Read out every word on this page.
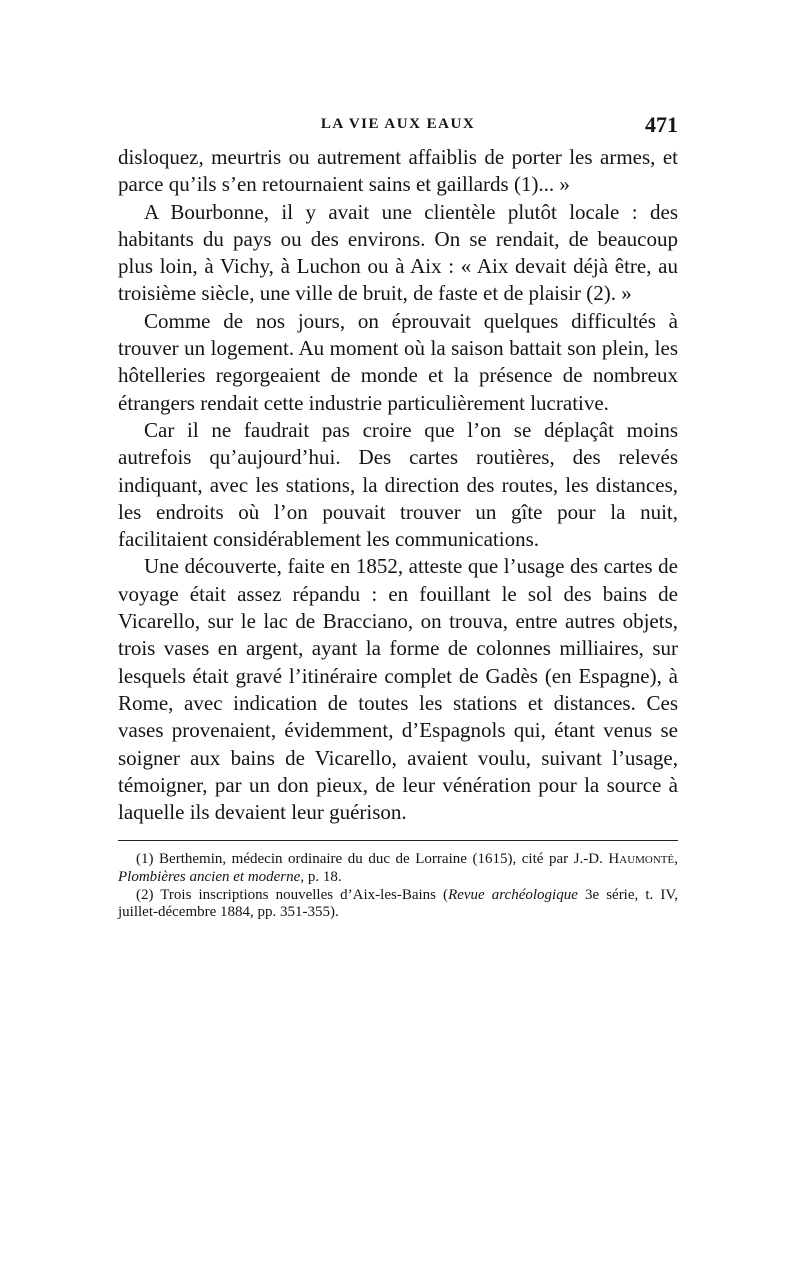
LA VIE AUX EAUX	471

disloquez, meurtris ou autrement affaiblis de porter les armes, et parce qu’ils s’en retournaient sains et gaillards (1)... »

A Bourbonne, il y avait une clientèle plutôt locale : des habitants du pays ou des environs. On se rendait, de beaucoup plus loin, à Vichy, à Luchon ou à Aix : « Aix devait déjà être, au troisième siècle, une ville de bruit, de faste et de plaisir (2). »

Comme de nos jours, on éprouvait quelques difficultés à trouver un logement. Au moment où la saison battait son plein, les hôtelleries regorgeaient de monde et la présence de nombreux étrangers rendait cette industrie particulièrement lucrative.

Car il ne faudrait pas croire que l’on se déplaçât moins autrefois qu’aujourd’hui. Des cartes routières, des relevés indiquant, avec les stations, la direction des routes, les distances, les endroits où l’on pouvait trouver un gîte pour la nuit, facilitaient considérablement les communications.

Une découverte, faite en 1852, atteste que l’usage des cartes de voyage était assez répandu : en fouillant le sol des bains de Vicarello, sur le lac de Bracciano, on trouva, entre autres objets, trois vases en argent, ayant la forme de colonnes milliaires, sur lesquels était gravé l’itinéraire complet de Gadès (en Espagne), à Rome, avec indication de toutes les stations et distances. Ces vases provenaient, évidemment, d’Espagnols qui, étant venus se soigner aux bains de Vicarello, avaient voulu, suivant l’usage, témoigner, par un don pieux, de leur vénération pour la source à laquelle ils devaient leur guérison.

(1) Berthemin, médecin ordinaire du duc de Lorraine (1615), cité par J.-D. Haumonté, Plombières ancien et moderne, p. 18.

(2) Trois inscriptions nouvelles d’Aix-les-Bains (Revue archéologique 3e série, t. IV, juillet-décembre 1884, pp. 351-355).
